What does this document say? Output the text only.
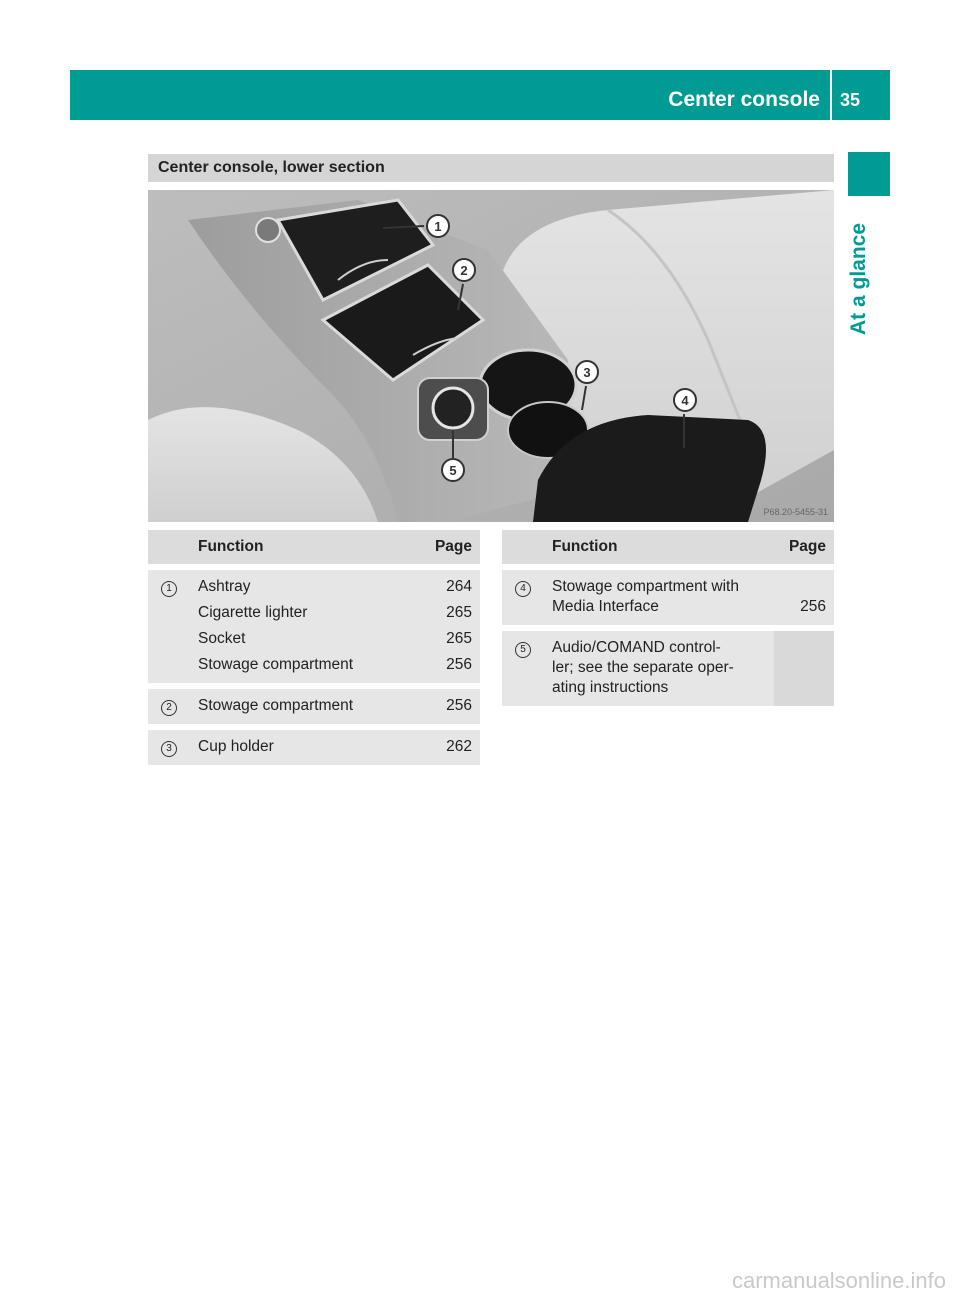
Center console 35
At a glance
Center console, lower section
1
2
3
4
5
P68.20-5455-31
	Function	Page
1	Ashtray	264
	Cigarette lighter	265
	Socket	265
	Stowage compartment	256
2	Stowage compartment	256
3	Cup holder	262
	Function	Page
4	Stowage compartment with
Media Interface	256
5	Audio/COMAND control-
ler; see the separate oper-
ating instructions	

carmanualsonline.info
